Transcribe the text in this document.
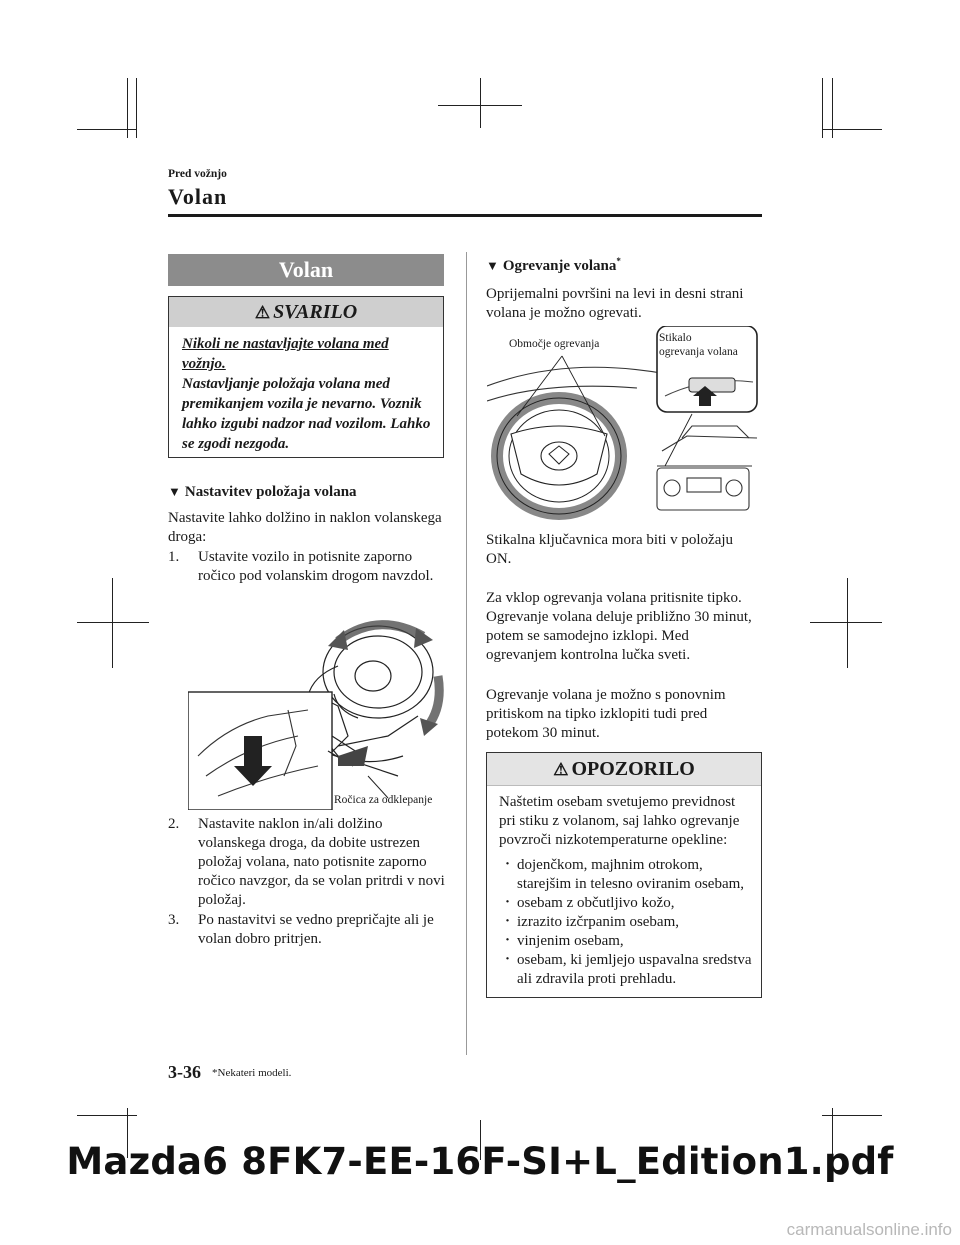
Pred vožnjo
Volan
Volan
⚠ SVARILO
Nikoli ne nastavljajte volana med vožnjo.
Nastavljanje položaja volana med premikanjem vozila je nevarno. Voznik lahko izgubi nadzor nad vozilom. Lahko se zgodi nezgoda.
▼ Nastavitev položaja volana
Nastavite lahko dolžino in naklon volanskega droga:
1. Ustavite vozilo in potisnite zaporno ročico pod volanskim drogom navzdol.
Ročica za odklepanje
2. Nastavite naklon in/ali dolžino volanskega droga, da dobite ustrezen položaj volana, nato potisnite zaporno ročico navzgor, da se volan pritrdi v novi položaj.
3. Po nastavitvi se vedno prepričajte ali je volan dobro pritrjen.
▼ Ogrevanje volana*
Oprijemalni površini na levi in desni strani volana je možno ogrevati.
Območje ogrevanja	Stikalo
ogrevanja volana
Stikalna ključavnica mora biti v položaju ON.
Za vklop ogrevanja volana pritisnite tipko. Ogrevanje volana deluje približno 30 minut, potem se samodejno izklopi. Med ogrevanjem kontrolna lučka sveti.
Ogrevanje volana je možno s ponovnim pritiskom na tipko izklopiti tudi pred potekom 30 minut.
⚠ OPOZORILO
Naštetim osebam svetujemo previdnost pri stiku z volanom, saj lahko ogrevanje povzroči nizkotemperaturne opekline:
· dojenčkom, majhnim otrokom, starejšim in telesno oviranim osebam,
· osebam z občutljivo kožo,
· izrazito izčrpanim osebam,
· vinjenim osebam,
· osebam, ki jemljejo uspavalna sredstva ali zdravila proti prehladu.
3-36 *Nekateri modeli.
Mazda6 8FK7-EE-16F-SI+L_Edition1.pdf
carmanualsonline.info
